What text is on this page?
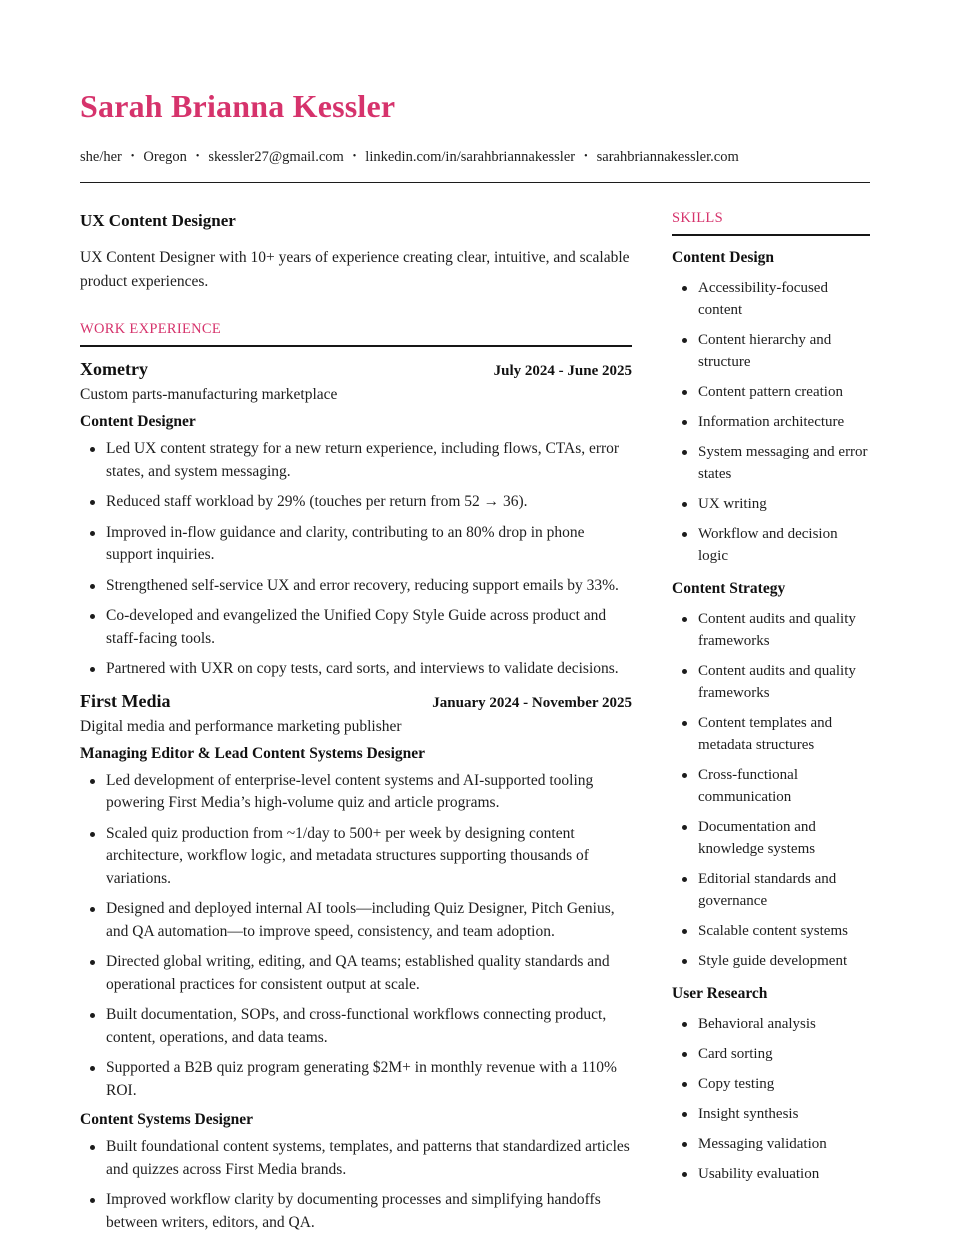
Sarah Brianna Kessler
she/her • Oregon • skessler27@gmail.com • linkedin.com/in/sarahbriannakessler • sarahbriannakessler.com
UX Content Designer

UX Content Designer with 10+ years of experience creating clear, intuitive, and scalable product experiences.

WORK EXPERIENCE
Xometry	July 2024 - June 2025
Custom parts-manufacturing marketplace
Content Designer
Led UX content strategy for a new return experience, including flows, CTAs, error states, and system messaging.
Reduced staff workload by 29% (touches per return from 52 → 36).
Improved in-flow guidance and clarity, contributing to an 80% drop in phone support inquiries.
Strengthened self-service UX and error recovery, reducing support emails by 33%.
Co-developed and evangelized the Unified Copy Style Guide across product and staff-facing tools.
Partnered with UXR on copy tests, card sorts, and interviews to validate decisions.
First Media	January 2024 - November 2025
Digital media and performance marketing publisher
Managing Editor & Lead Content Systems Designer
Led development of enterprise-level content systems and AI-supported tooling powering First Media’s high-volume quiz and article programs.
Scaled quiz production from ~1/day to 500+ per week by designing content architecture, workflow logic, and metadata structures supporting thousands of variations.
Designed and deployed internal AI tools—including Quiz Designer, Pitch Genius, and QA automation—to improve speed, consistency, and team adoption.
Directed global writing, editing, and QA teams; established quality standards and operational practices for consistent output at scale.
Built documentation, SOPs, and cross-functional workflows connecting product, content, operations, and data teams.
Supported a B2B quiz program generating $2M+ in monthly revenue with a 110% ROI.
Content Systems Designer
Built foundational content systems, templates, and patterns that standardized articles and quizzes across First Media brands.
Improved workflow clarity by documenting processes and simplifying handoffs between writers, editors, and QA.
SKILLS
Content Design
Accessibility-focused content
Content hierarchy and structure
Content pattern creation
Information architecture
System messaging and error states
UX writing
Workflow and decision logic
Content Strategy
Content audits and quality frameworks
Content audits and quality frameworks
Content templates and metadata structures
Cross-functional communication
Documentation and knowledge systems
Editorial standards and governance
Scalable content systems
Style guide development
User Research
Behavioral analysis
Card sorting
Copy testing
Insight synthesis
Messaging validation
Usability evaluation
